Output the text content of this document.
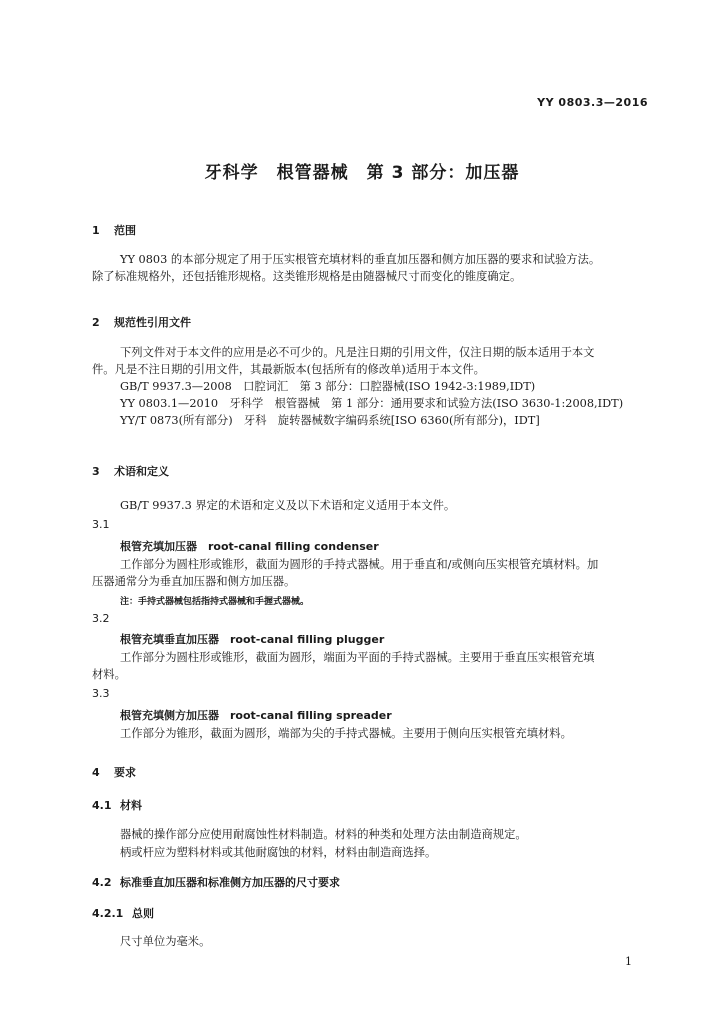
YY 0803.3—2016
牙科学　根管器械　第 3 部分：加压器
1 范围
YY 0803 的本部分规定了用于压实根管充填材料的垂直加压器和侧方加压器的要求和试验方法。
除了标准规格外，还包括锥形规格。这类锥形规格是由随器械尺寸而变化的锥度确定。
2 规范性引用文件
下列文件对于本文件的应用是必不可少的。凡是注日期的引用文件，仅注日期的版本适用于本文
件。凡是不注日期的引用文件，其最新版本(包括所有的修改单)适用于本文件。
GB/T 9937.3—2008　口腔词汇　第 3 部分：口腔器械(ISO 1942-3:1989,IDT)
YY 0803.1—2010　牙科学　根管器械　第 1 部分：通用要求和试验方法(ISO 3630-1:2008,IDT)
YY/T 0873(所有部分)　牙科　旋转器械数字编码系统[ISO 6360(所有部分)，IDT]
3 术语和定义
GB/T 9937.3 界定的术语和定义及以下术语和定义适用于本文件。
3.1
根管充填加压器　root-canal filling condenser
工作部分为圆柱形或锥形，截面为圆形的手持式器械。用于垂直和/或侧向压实根管充填材料。加
压器通常分为垂直加压器和侧方加压器。
注：手持式器械包括指持式器械和手握式器械。
3.2
根管充填垂直加压器　root-canal filling plugger
工作部分为圆柱形或锥形，截面为圆形，端面为平面的手持式器械。主要用于垂直压实根管充填
材料。
3.3
根管充填侧方加压器　root-canal filling spreader
工作部分为锥形，截面为圆形，端部为尖的手持式器械。主要用于侧向压实根管充填材料。
4 要求
4.1 材料
器械的操作部分应使用耐腐蚀性材料制造。材料的种类和处理方法由制造商规定。
柄或杆应为塑料材料或其他耐腐蚀的材料，材料由制造商选择。
4.2 标准垂直加压器和标准侧方加压器的尺寸要求
4.2.1 总则
尺寸单位为毫米。
1
